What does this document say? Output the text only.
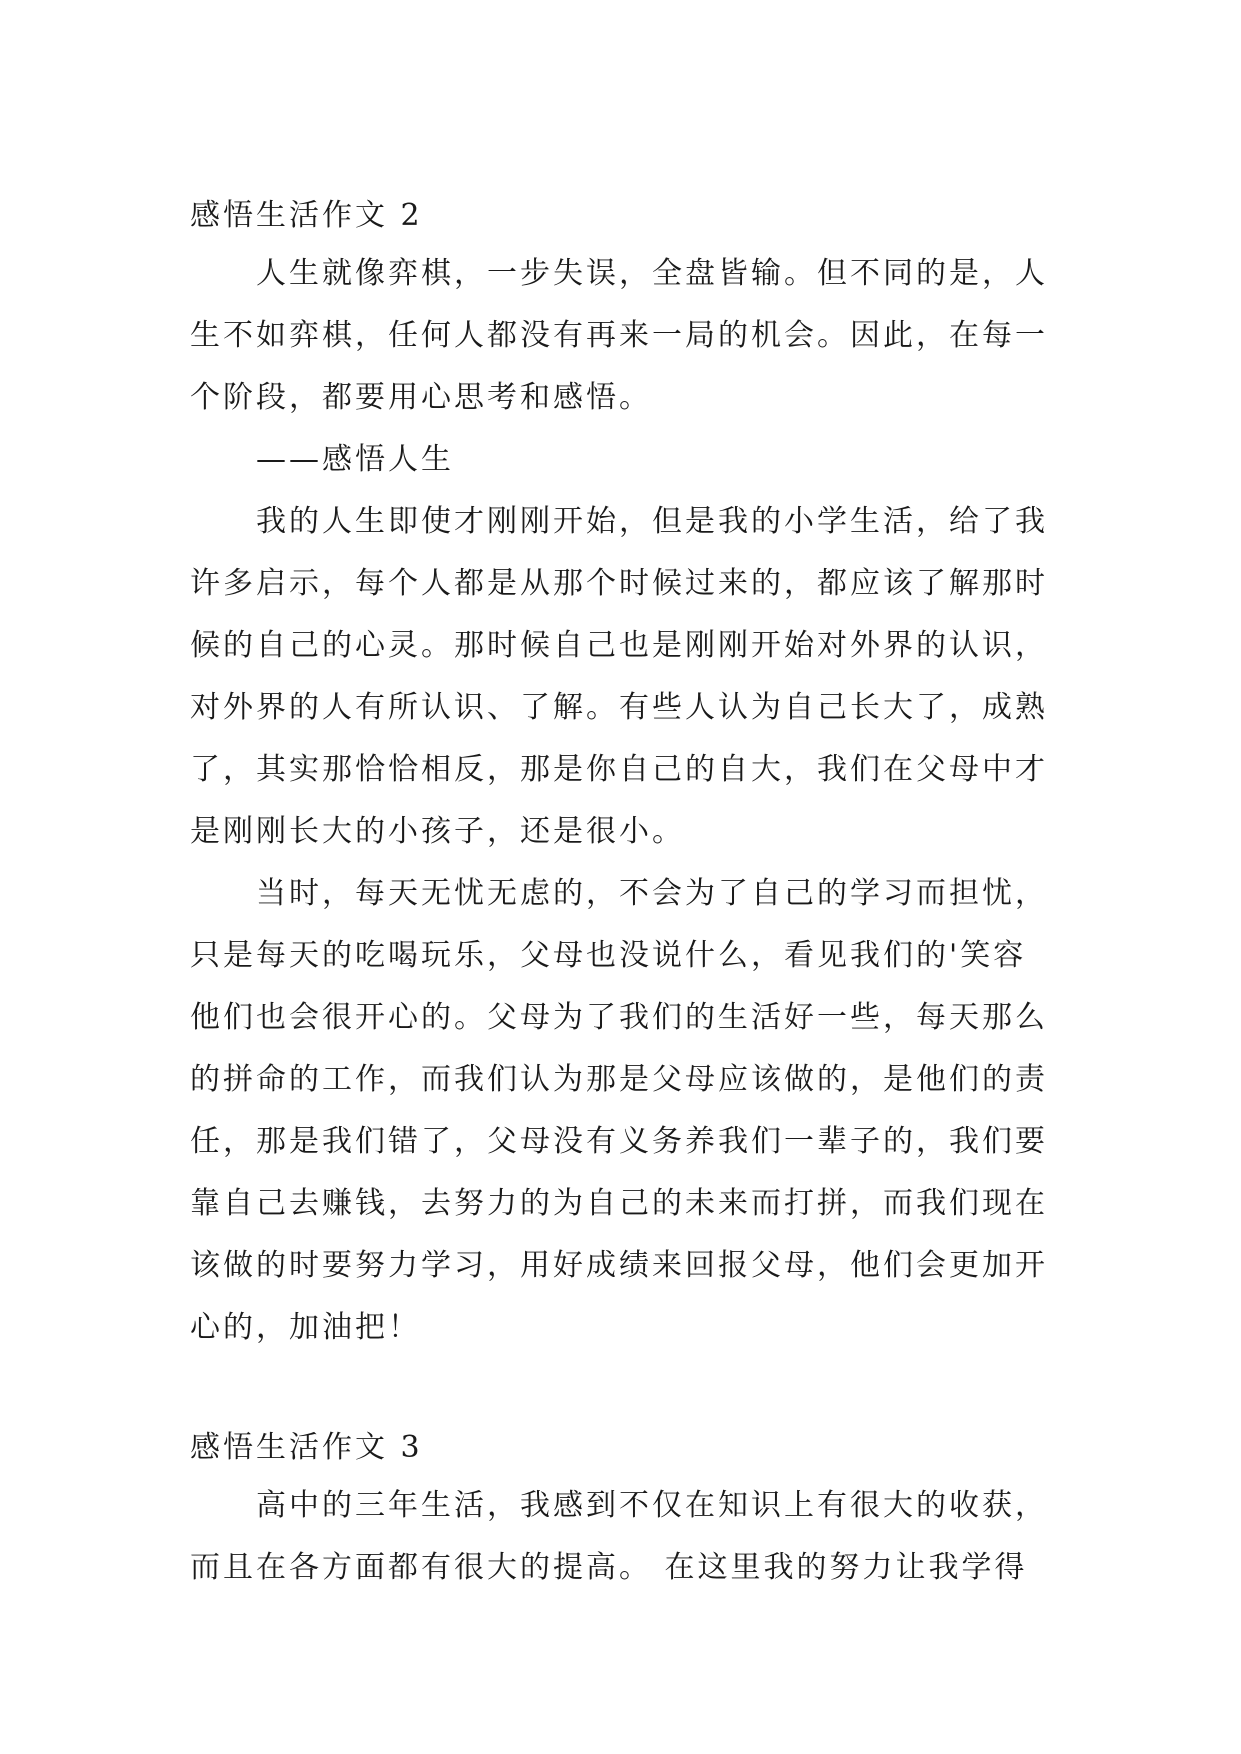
感悟生活作文 2
人生就像弈棋，一步失误，全盘皆输。但不同的是，人
生不如弈棋，任何人都没有再来一局的机会。因此，在每一
个阶段，都要用心思考和感悟。
——感悟人生
我的人生即使才刚刚开始，但是我的小学生活，给了我
许多启示，每个人都是从那个时候过来的，都应该了解那时
候的自己的心灵。那时候自己也是刚刚开始对外界的认识，
对外界的人有所认识、了解。有些人认为自己长大了，成熟
了，其实那恰恰相反，那是你自己的自大，我们在父母中才
是刚刚长大的小孩子，还是很小。
当时，每天无忧无虑的，不会为了自己的学习而担忧，
只是每天的吃喝玩乐，父母也没说什么，看见我们的'笑容
他们也会很开心的。父母为了我们的生活好一些，每天那么
的拼命的工作，而我们认为那是父母应该做的，是他们的责
任，那是我们错了，父母没有义务养我们一辈子的，我们要
靠自己去赚钱，去努力的为自己的未来而打拼，而我们现在
该做的时要努力学习，用好成绩来回报父母，他们会更加开
心的，加油把！
感悟生活作文 3
高中的三年生活，我感到不仅在知识上有很大的收获，
而且在各方面都有很大的提高。 在这里我的努力让我学得
